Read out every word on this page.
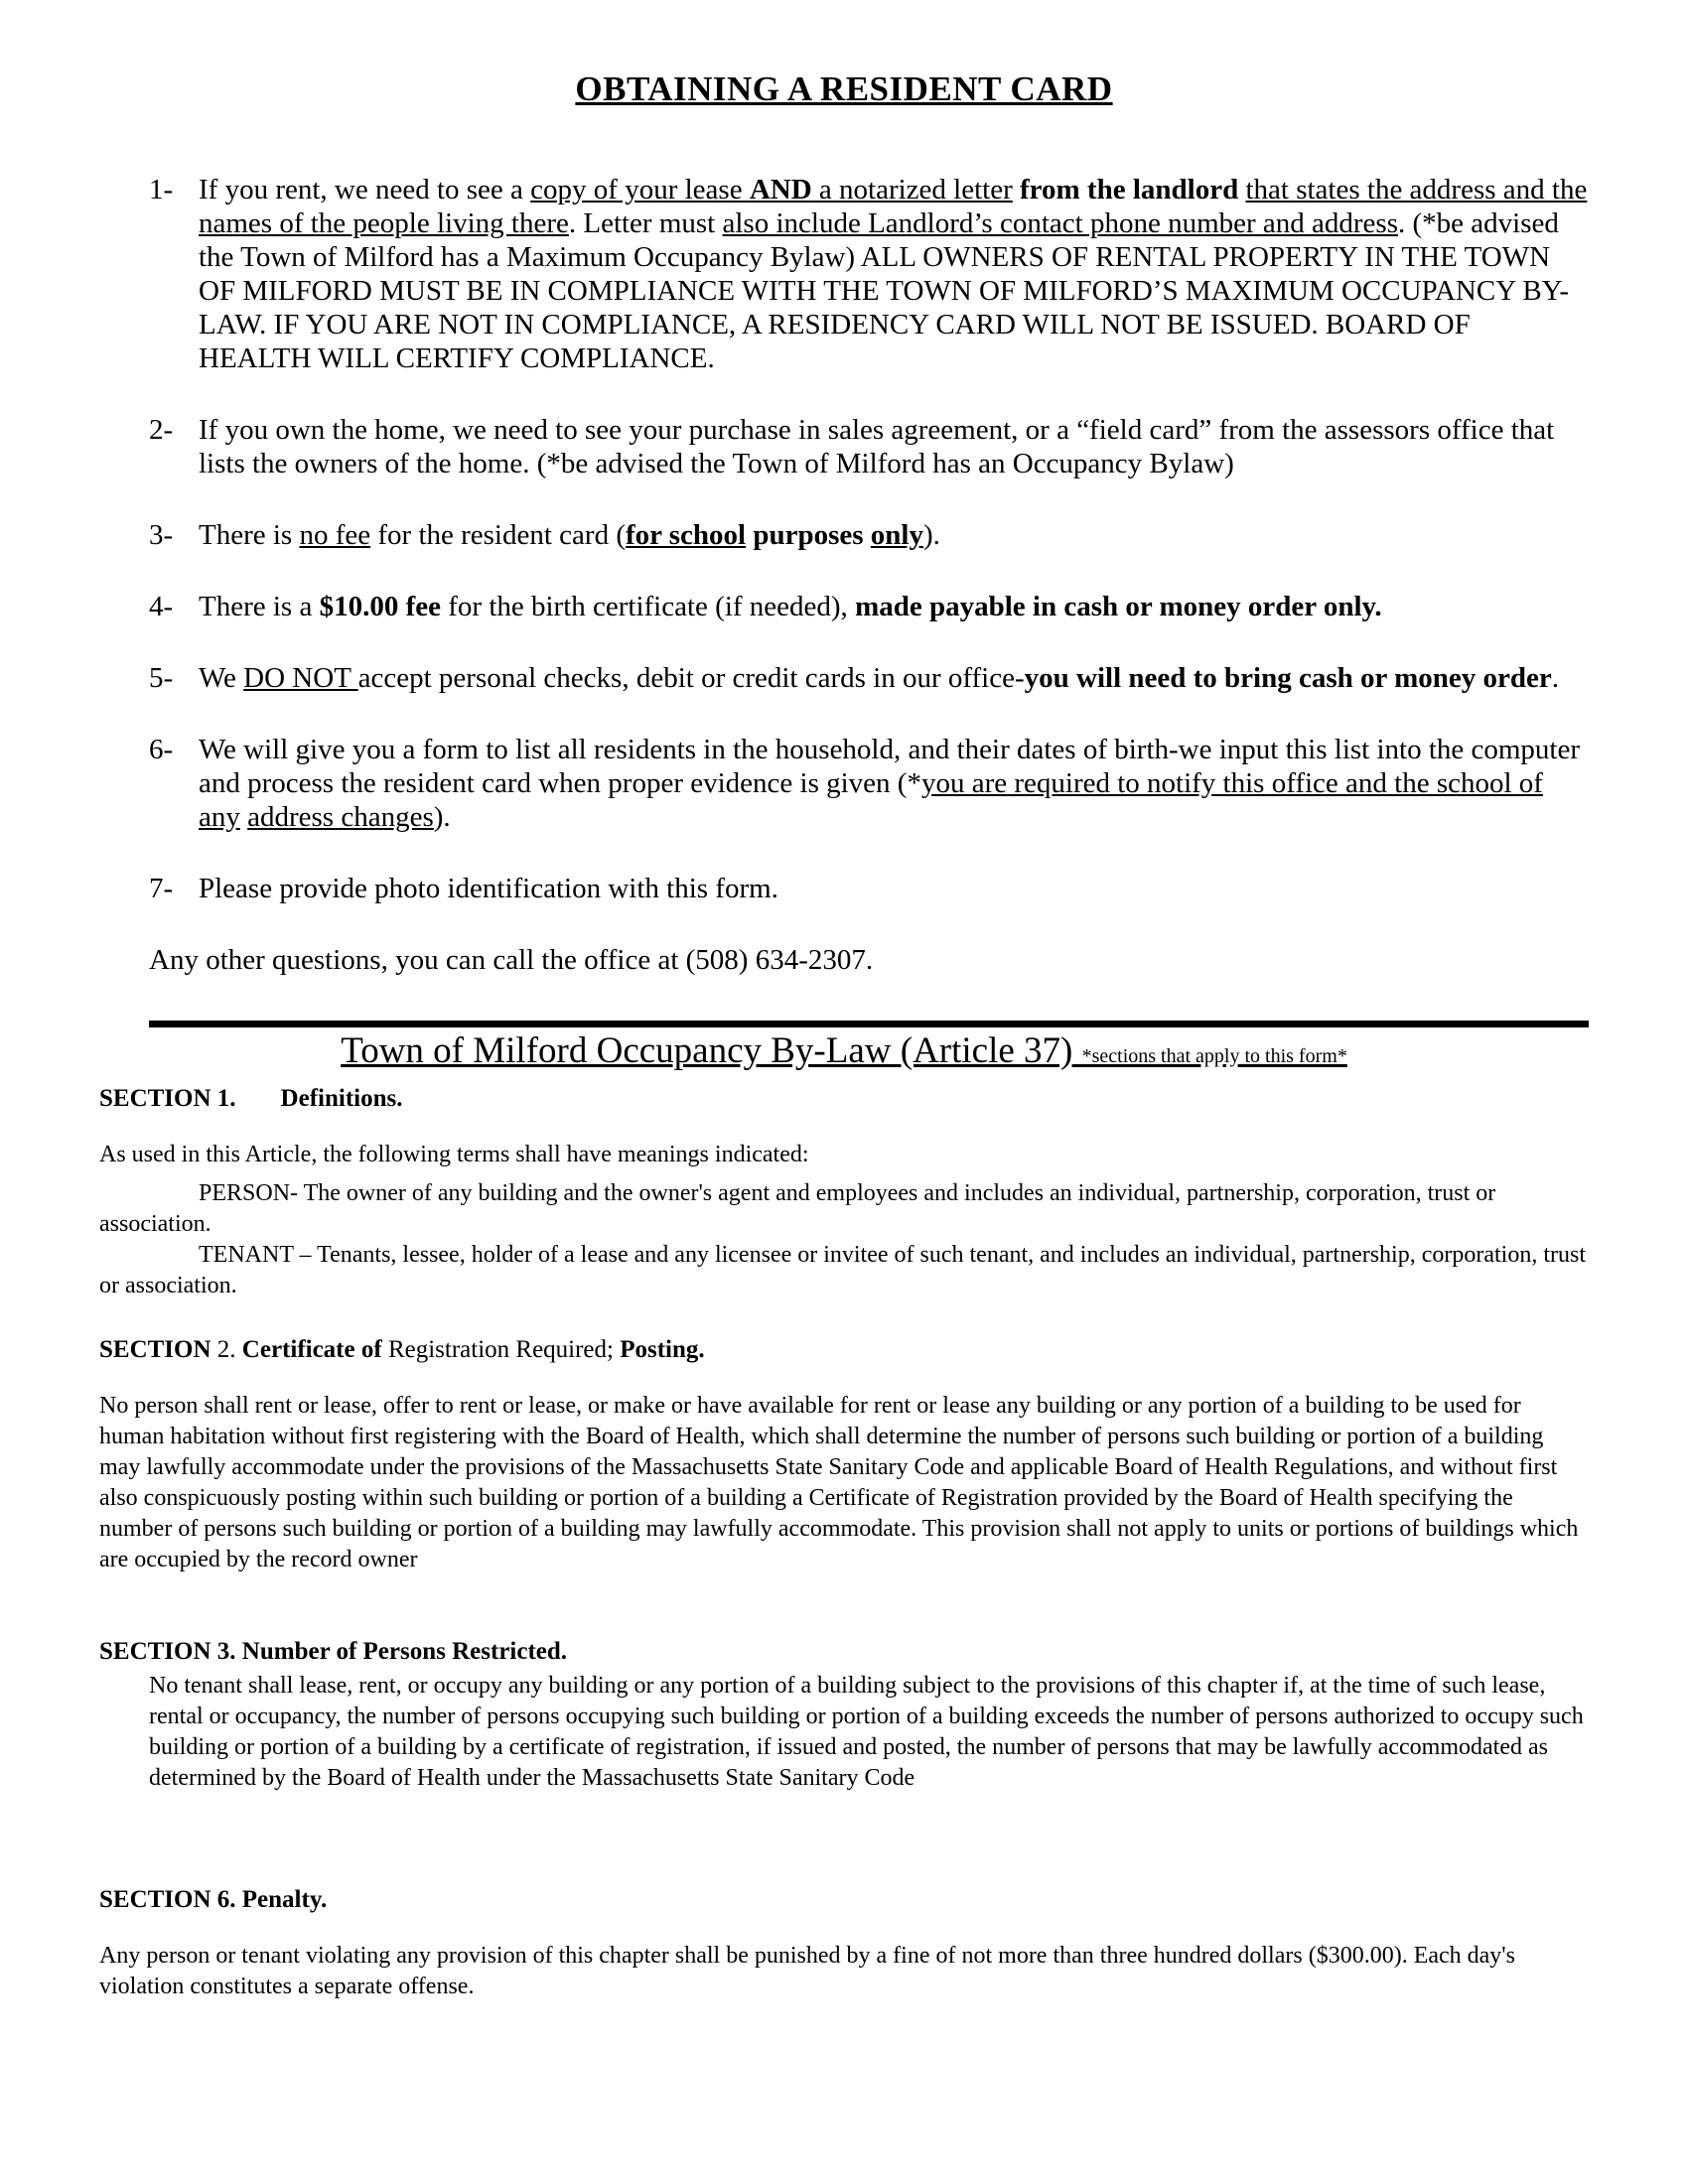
OBTAINING A RESIDENT CARD
1- If you rent, we need to see a copy of your lease AND a notarized letter from the landlord that states the address and the names of the people living there. Letter must also include Landlord’s contact phone number and address. (*be advised the Town of Milford has a Maximum Occupancy Bylaw) ALL OWNERS OF RENTAL PROPERTY IN THE TOWN OF MILFORD MUST BE IN COMPLIANCE WITH THE TOWN OF MILFORD’S MAXIMUM OCCUPANCY BY-LAW. IF YOU ARE NOT IN COMPLIANCE, A RESIDENCY CARD WILL NOT BE ISSUED. BOARD OF HEALTH WILL CERTIFY COMPLIANCE.
2- If you own the home, we need to see your purchase in sales agreement, or a “field card” from the assessors office that lists the owners of the home. (*be advised the Town of Milford has an Occupancy Bylaw)
3- There is no fee for the resident card (for school purposes only).
4- There is a $10.00 fee for the birth certificate (if needed), made payable in cash or money order only.
5- We DO NOT accept personal checks, debit or credit cards in our office-you will need to bring cash or money order.
6- We will give you a form to list all residents in the household, and their dates of birth-we input this list into the computer and process the resident card when proper evidence is given (*you are required to notify this office and the school of any address changes).
7- Please provide photo identification with this form.

Any other questions, you can call the office at (508) 634-2307.

Town of Milford Occupancy By-Law (Article 37) *sections that apply to this form*
SECTION 1. Definitions.

As used in this Article, the following terms shall have meanings indicated:

PERSON- The owner of any building and the owner's agent and employees and includes an individual, partnership, corporation, trust or association.

TENANT – Tenants, lessee, holder of a lease and any licensee or invitee of such tenant, and includes an individual, partnership, corporation, trust or association.

SECTION 2. Certificate of Registration Required; Posting.

No person shall rent or lease, offer to rent or lease, or make or have available for rent or lease any building or any portion of a building to be used for human habitation without first registering with the Board of Health, which shall determine the number of persons such building or portion of a building may lawfully accommodate under the provisions of the Massachusetts State Sanitary Code and applicable Board of Health Regulations, and without first also conspicuously posting within such building or portion of a building a Certificate of Registration provided by the Board of Health specifying the number of persons such building or portion of a building may lawfully accommodate. This provision shall not apply to units or portions of buildings which are occupied by the record owner

SECTION 3. Number of Persons Restricted.

No tenant shall lease, rent, or occupy any building or any portion of a building subject to the provisions of this chapter if, at the time of such lease, rental or occupancy, the number of persons occupying such building or portion of a building exceeds the number of persons authorized to occupy such building or portion of a building by a certificate of registration, if issued and posted, the number of persons that may be lawfully accommodated as determined by the Board of Health under the Massachusetts State Sanitary Code

SECTION 6. Penalty.

Any person or tenant violating any provision of this chapter shall be punished by a fine of not more than three hundred dollars ($300.00). Each day's violation constitutes a separate offense.
